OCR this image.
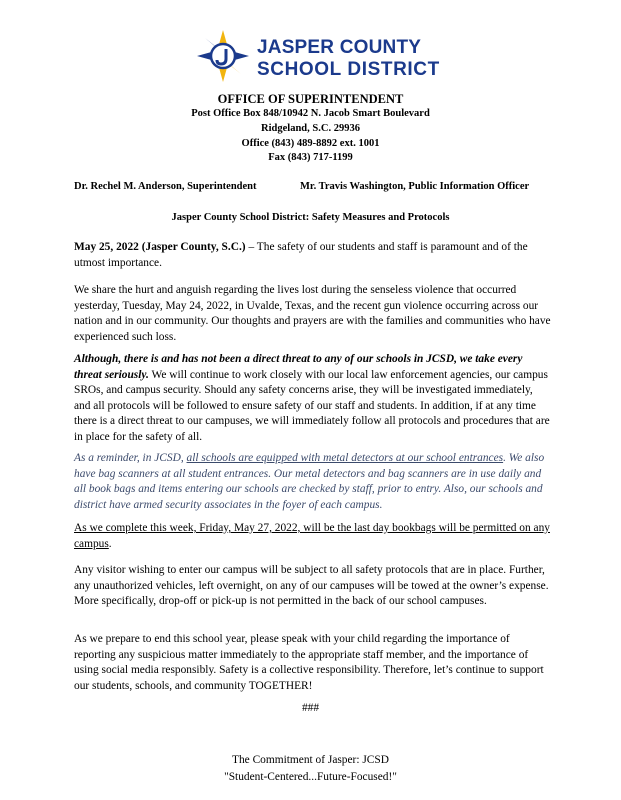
JASPER COUNTY
SCHOOL DISTRICT
OFFICE OF SUPERINTENDENT
Post Office Box 848/10942 N. Jacob Smart Boulevard
Ridgeland, S.C. 29936
Office (843) 489-8892 ext. 1001
Fax (843) 717-1199
Dr. Rechel M. Anderson, Superintendent	Mr. Travis Washington, Public Information Officer
Jasper County School District: Safety Measures and Protocols

May 25, 2022 (Jasper County, S.C.) – The safety of our students and staff is paramount and of the utmost importance.

We share the hurt and anguish regarding the lives lost during the senseless violence that occurred yesterday, Tuesday, May 24, 2022, in Uvalde, Texas, and the recent gun violence occurring across our nation and in our community. Our thoughts and prayers are with the families and communities who have experienced such loss.

Although, there is and has not been a direct threat to any of our schools in JCSD, we take every threat seriously. We will continue to work closely with our local law enforcement agencies, our campus SROs, and campus security. Should any safety concerns arise, they will be investigated immediately, and all protocols will be followed to ensure safety of our staff and students. In addition, if at any time there is a direct threat to our campuses, we will immediately follow all protocols and procedures that are in place for the safety of all.

As a reminder, in JCSD, all schools are equipped with metal detectors at our school entrances. We also have bag scanners at all student entrances. Our metal detectors and bag scanners are in use daily and all book bags and items entering our schools are checked by staff, prior to entry. Also, our schools and district have armed security associates in the foyer of each campus.

As we complete this week, Friday, May 27, 2022, will be the last day bookbags will be permitted on any campus.

Any visitor wishing to enter our campus will be subject to all safety protocols that are in place. Further, any unauthorized vehicles, left overnight, on any of our campuses will be towed at the owner’s expense. More specifically, drop-off or pick-up is not permitted in the back of our school campuses.

As we prepare to end this school year, please speak with your child regarding the importance of reporting any suspicious matter immediately to the appropriate staff member, and the importance of using social media responsibly. Safety is a collective responsibility. Therefore, let’s continue to support our students, schools, and community TOGETHER!

###
The Commitment of Jasper: JCSD
"Student-Centered...Future-Focused!"
